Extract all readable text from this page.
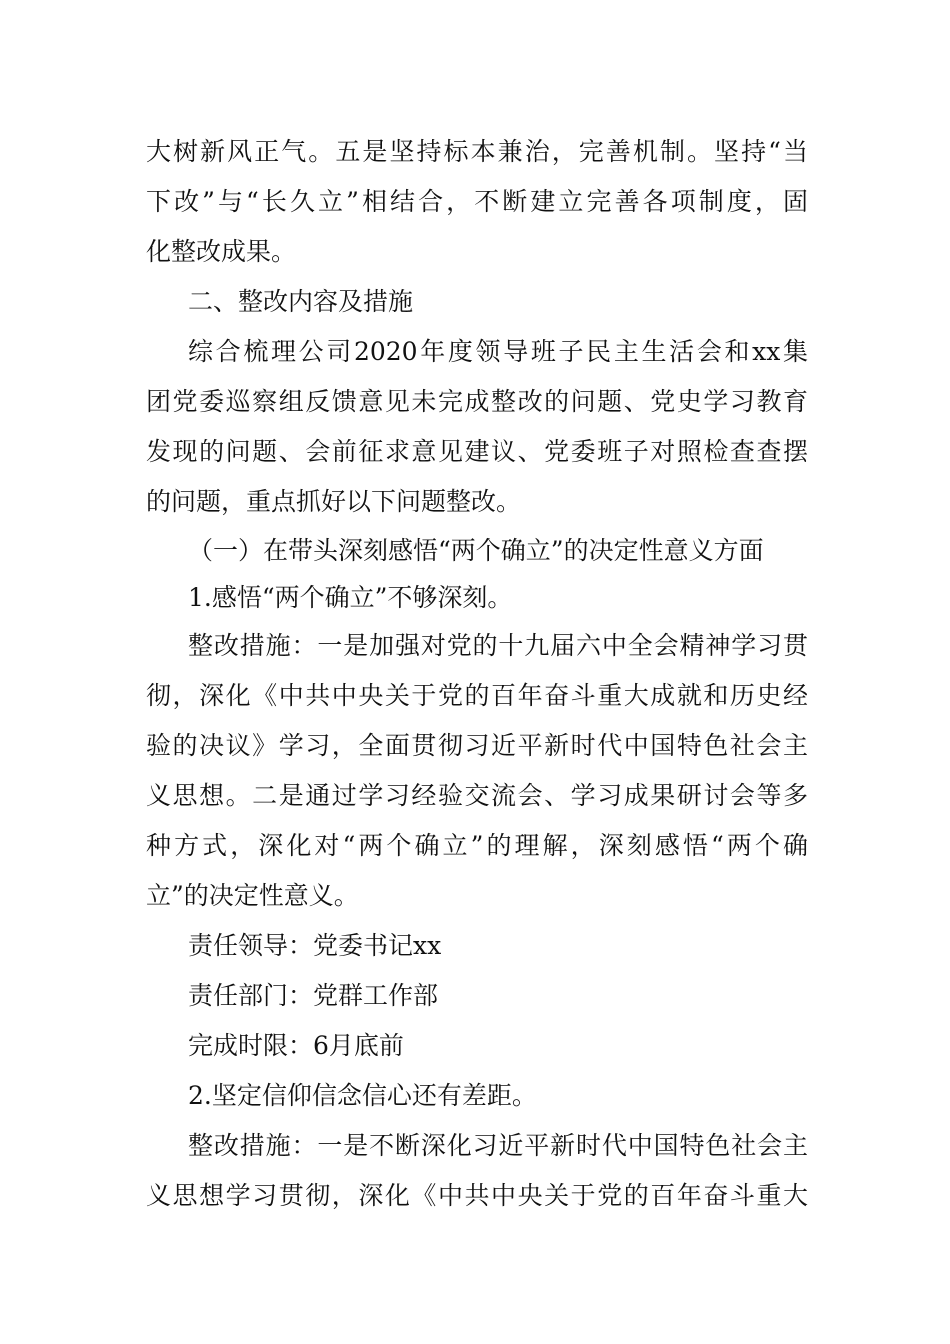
大树新风正气。五是坚持标本兼治，完善机制。坚持“当
下改”与“长久立”相结合，不断建立完善各项制度，固
化整改成果。
二、整改内容及措施
综合梳理公司2020年度领导班子民主生活会和xx集
团党委巡察组反馈意见未完成整改的问题、党史学习教育
发现的问题、会前征求意见建议、党委班子对照检查查摆
的问题，重点抓好以下问题整改。
（一）在带头深刻感悟“两个确立”的决定性意义方面
1.感悟“两个确立”不够深刻。
整改措施：一是加强对党的十九届六中全会精神学习贯
彻，深化《中共中央关于党的百年奋斗重大成就和历史经
验的决议》学习，全面贯彻习近平新时代中国特色社会主
义思想。二是通过学习经验交流会、学习成果研讨会等多
种方式，深化对“两个确立”的理解，深刻感悟“两个确
立”的决定性意义。
责任领导：党委书记xx
责任部门：党群工作部
完成时限：6月底前
2.坚定信仰信念信心还有差距。
整改措施：一是不断深化习近平新时代中国特色社会主
义思想学习贯彻，深化《中共中央关于党的百年奋斗重大
